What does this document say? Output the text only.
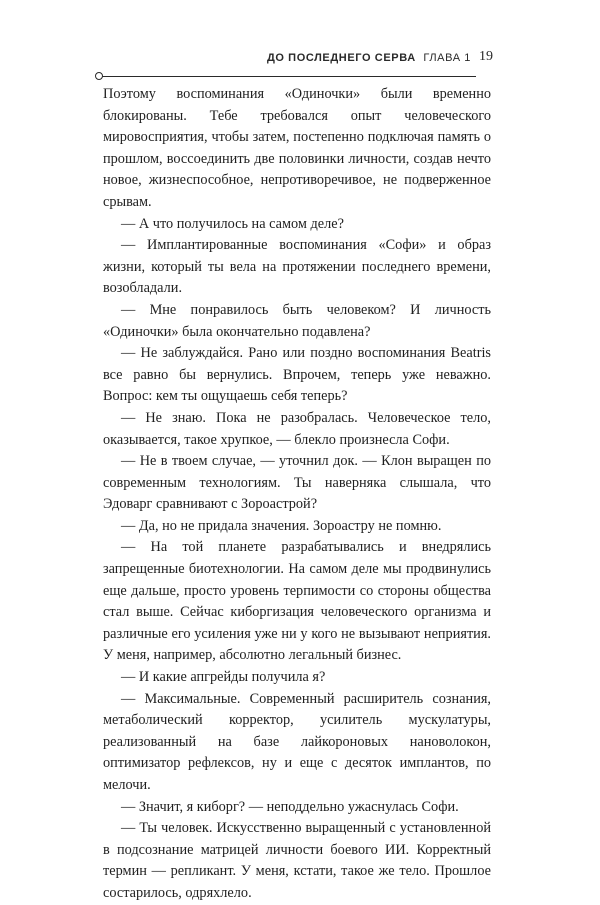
ДО ПОСЛЕДНЕГО СЕРВА ГЛАВА 1 19

Поэтому воспоминания «Одиночки» были временно блокированы. Тебе требовался опыт человеческого мировосприятия, чтобы затем, постепенно подключая память о прошлом, воссоединить две половинки личности, создав нечто новое, жизнеспособное, непротиворечивое, не подверженное срывам.

— А что получилось на самом деле?

— Имплантированные воспоминания «Софи» и образ жизни, который ты вела на протяжении последнего времени, возобладали.

— Мне понравилось быть человеком? И личность «Одиночки» была окончательно подавлена?

— Не заблуждайся. Рано или поздно воспоминания Beatris все равно бы вернулись. Впрочем, теперь уже неважно. Вопрос: кем ты ощущаешь себя теперь?

— Не знаю. Пока не разобралась. Человеческое тело, оказывается, такое хрупкое, — блекло произнесла Софи.

— Не в твоем случае, — уточнил док. — Клон выращен по современным технологиям. Ты наверняка слышала, что Эдоварг сравнивают с Зороастрой?

— Да, но не придала значения. Зороастру не помню.

— На той планете разрабатывались и внедрялись запрещенные биотехнологии. На самом деле мы продвинулись еще дальше, просто уровень терпимости со стороны общества стал выше. Сейчас киборгизация человеческого организма и различные его усиления уже ни у кого не вызывают неприятия. У меня, например, абсолютно легальный бизнес.

— И какие апгрейды получила я?

— Максимальные. Современный расширитель сознания, метаболический корректор, усилитель мускулатуры, реализованный на базе лайкороновых нановолокон, оптимизатор рефлексов, ну и еще с десяток имплантов, по мелочи.

— Значит, я киборг? — неподдельно ужаснулась Софи.

— Ты человек. Искусственно выращенный с установленной в подсознание матрицей личности боевого ИИ. Корректный термин — репликант. У меня, кстати, такое же тело. Прошлое состарилось, одряхлело.
